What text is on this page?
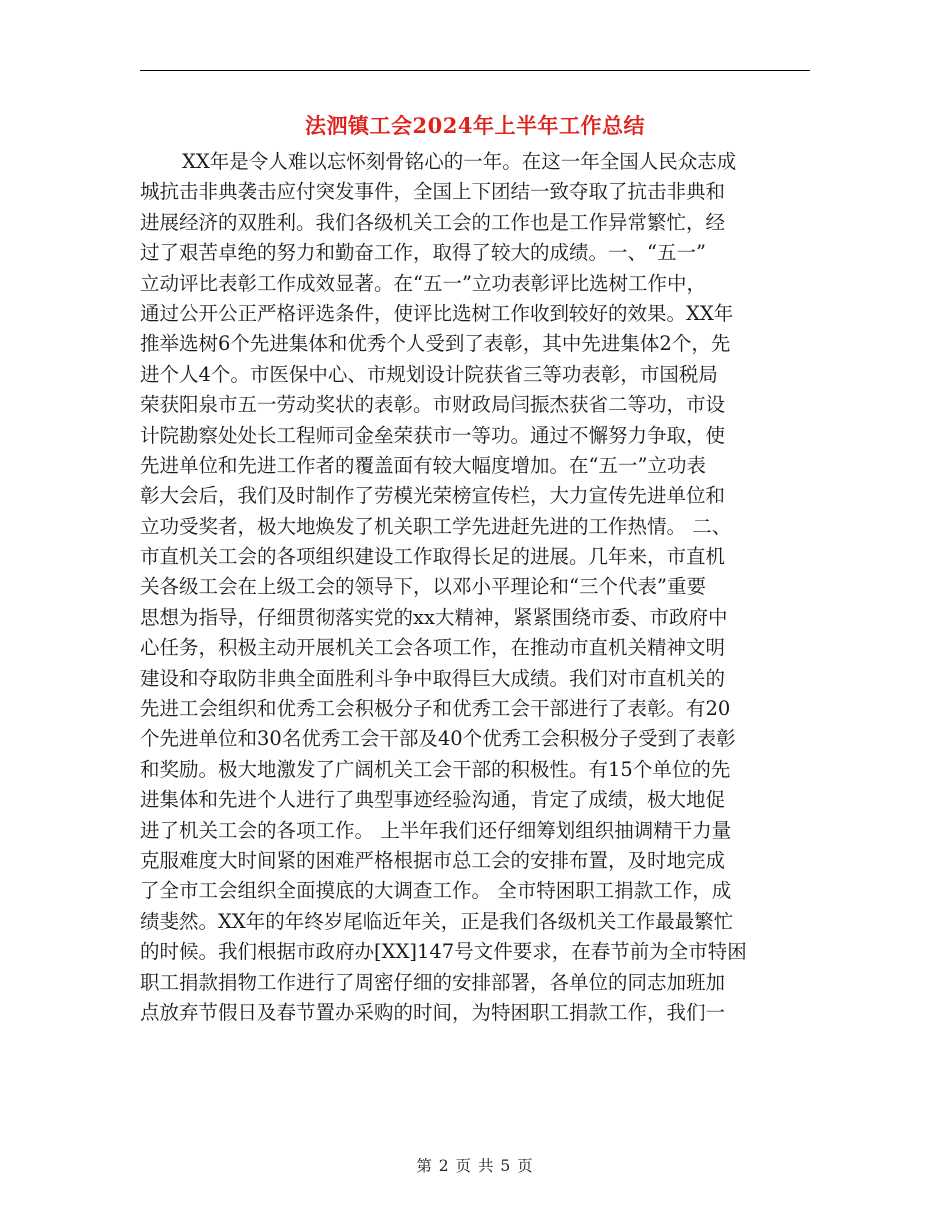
法泗镇工会2024年上半年工作总结
XX年是令人难以忘怀刻骨铭心的一年。在这一年全国人民众志成
城抗击非典袭击应付突发事件，全国上下团结一致夺取了抗击非典和
进展经济的双胜利。我们各级机关工会的工作也是工作异常繁忙，经
过了艰苦卓绝的努力和勤奋工作，取得了较大的成绩。一、“五一”
立动评比表彰工作成效显著。在“五一”立功表彰评比选树工作中，
通过公开公正严格评选条件，使评比选树工作收到较好的效果。XX年
推举选树6个先进集体和优秀个人受到了表彰，其中先进集体2个，先
进个人4个。市医保中心、市规划设计院获省三等功表彰，市国税局
荣获阳泉市五一劳动奖状的表彰。市财政局闫振杰获省二等功，市设
计院勘察处处长工程师司金垒荣获市一等功。通过不懈努力争取，使
先进单位和先进工作者的覆盖面有较大幅度增加。在“五一”立功表
彰大会后，我们及时制作了劳模光荣榜宣传栏，大力宣传先进单位和
立功受奖者，极大地焕发了机关职工学先进赶先进的工作热情。 二、
市直机关工会的各项组织建设工作取得长足的进展。几年来，市直机
关各级工会在上级工会的领导下，以邓小平理论和“三个代表”重要
思想为指导，仔细贯彻落实党的xx大精神，紧紧围绕市委、市政府中
心任务，积极主动开展机关工会各项工作，在推动市直机关精神文明
建设和夺取防非典全面胜利斗争中取得巨大成绩。我们对市直机关的
先进工会组织和优秀工会积极分子和优秀工会干部进行了表彰。有20
个先进单位和30名优秀工会干部及40个优秀工会积极分子受到了表彰
和奖励。极大地激发了广阔机关工会干部的积极性。有15个单位的先
进集体和先进个人进行了典型事迹经验沟通，肯定了成绩，极大地促
进了机关工会的各项工作。 上半年我们还仔细筹划组织抽调精干力量
克服难度大时间紧的困难严格根据市总工会的安排布置，及时地完成
了全市工会组织全面摸底的大调查工作。 全市特困职工捐款工作，成
绩斐然。XX年的年终岁尾临近年关，正是我们各级机关工作最最繁忙
的时候。我们根据市政府办[XX]147号文件要求，在春节前为全市特困
职工捐款捐物工作进行了周密仔细的安排部署，各单位的同志加班加
点放弃节假日及春节置办采购的时间，为特困职工捐款工作，我们一
第 2 页 共 5 页
